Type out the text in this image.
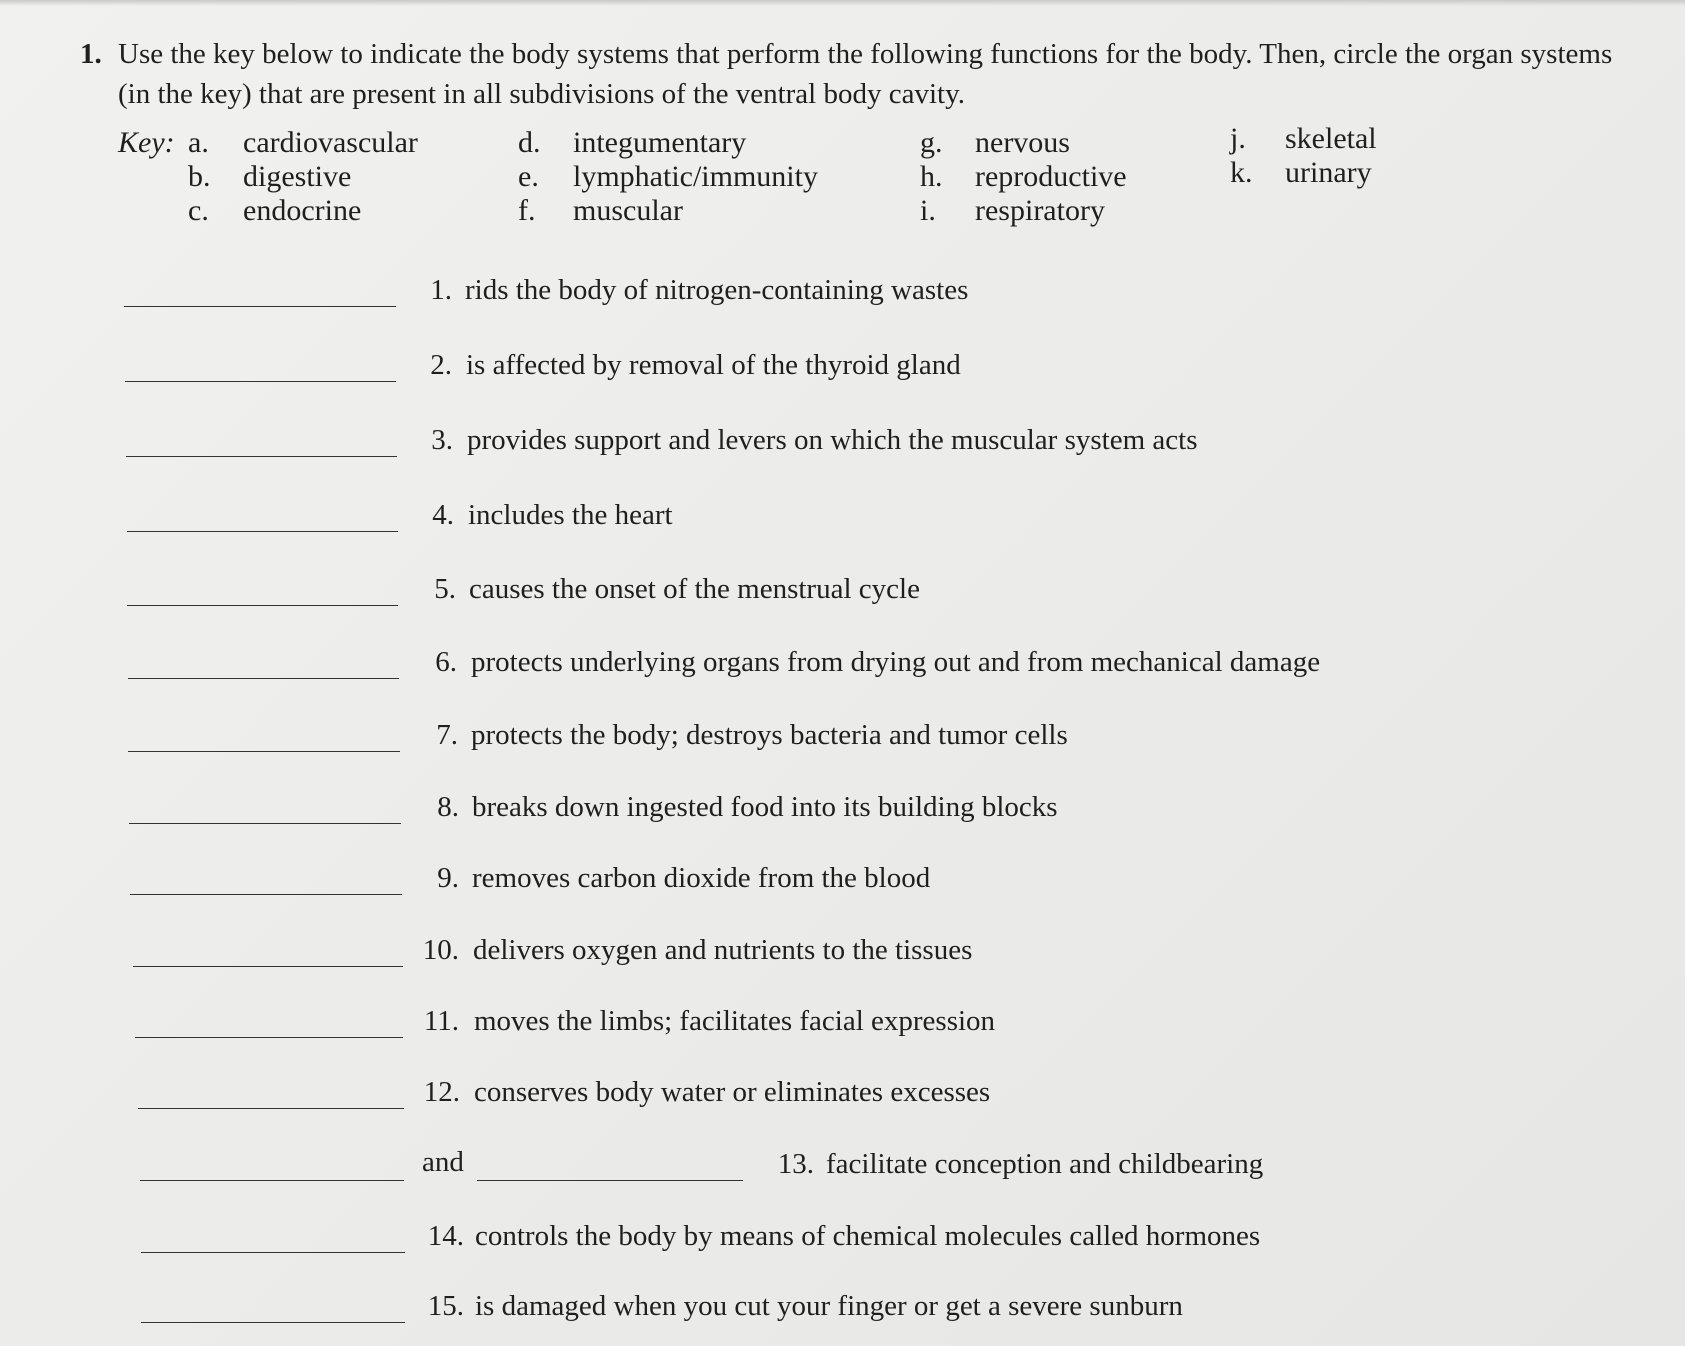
1. Use the key below to indicate the body systems that perform the following functions for the body. Then, circle the organ systems (in the key) that are present in all subdivisions of the ventral body cavity.
Key: a. cardiovascular
b. digestive
c. endocrine
d. integumentary
e. lymphatic/immunity
f. muscular
g. nervous
h. reproductive
i. respiratory
j. skeletal
k. urinary
1. rids the body of nitrogen-containing wastes
2. is affected by removal of the thyroid gland
3. provides support and levers on which the muscular system acts
4. includes the heart
5. causes the onset of the menstrual cycle
6. protects underlying organs from drying out and from mechanical damage
7. protects the body; destroys bacteria and tumor cells
8. breaks down ingested food into its building blocks
9. removes carbon dioxide from the blood
10. delivers oxygen and nutrients to the tissues
11. moves the limbs; facilitates facial expression
12. conserves body water or eliminates excesses
and	13. facilitate conception and childbearing
14. controls the body by means of chemical molecules called hormones
15. is damaged when you cut your finger or get a severe sunburn
